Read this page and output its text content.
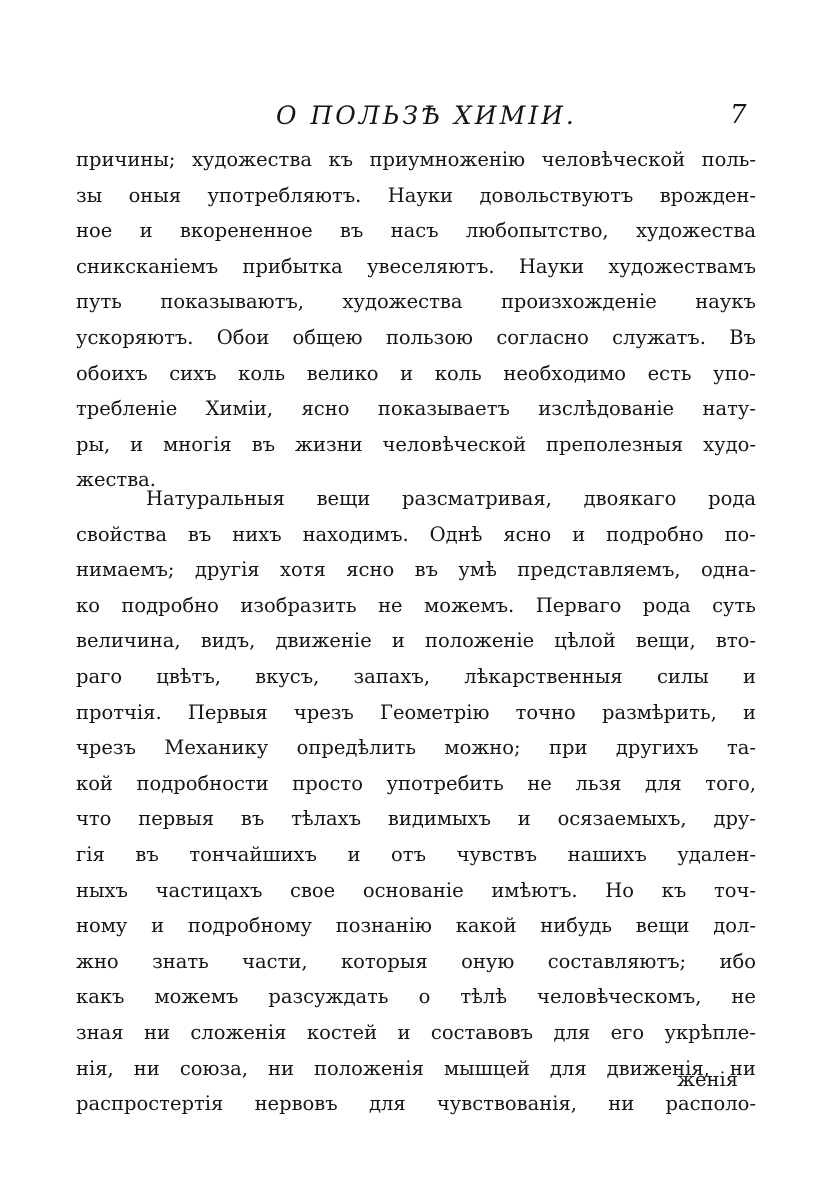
О ПОЛЬЗѢ ХИМIИ.	7
причины; художества къ приумноженiю человѣческой поль-
зы оныя употребляютъ. Науки довольствуютъ врожден-
ное и вкорененное въ насъ любопытство, художества
сниксканiемъ прибытка увеселяютъ. Науки художествамъ
путь показываютъ, художества произхожденiе наукъ
ускоряютъ. Обои общею пользою согласно служатъ. Въ
обоихъ сихъ коль велико и коль необходимо есть упо-
требленiе Химiи, ясно показываетъ изслѣдованiе нату-
ры, и многiя въ жизни человѣческой преполезныя худо-
жества.
Натуральныя вещи разсматривая, двоякаго рода
свойства въ нихъ находимъ. Однѣ ясно и подробно по-
нимаемъ; другiя хотя ясно въ умѣ представляемъ, одна-
ко подробно изобразить не можемъ. Перваго рода суть
величина, видъ, движенiе и положенiе цѣлой вещи, вто-
раго цвѣтъ, вкусъ, запахъ, лѣкарственныя силы и
протчiя. Первыя чрезъ Геометрiю точно размѣрить, и
чрезъ Механику опредѣлить можно; при другихъ та-
кой подробности просто употребить не льзя для того,
что первыя въ тѣлахъ видимыхъ и осязаемыхъ, дру-
гiя въ тончайшихъ и отъ чувствъ нашихъ удален-
ныхъ частицахъ свое основанiе имѣютъ. Но къ точ-
ному и подробному познанiю какой нибудь вещи дол-
жно знать части, которыя оную составляютъ; ибо
какъ можемъ разсуждать о тѣлѣ человѣческомъ, не
зная ни сложенiя костей и составовъ для его укрѣпле-
нiя, ни союза, ни положенiя мышцей для движенiя, ни
распростертiя нервовъ для чувствованiя, ни располо-
женiя
